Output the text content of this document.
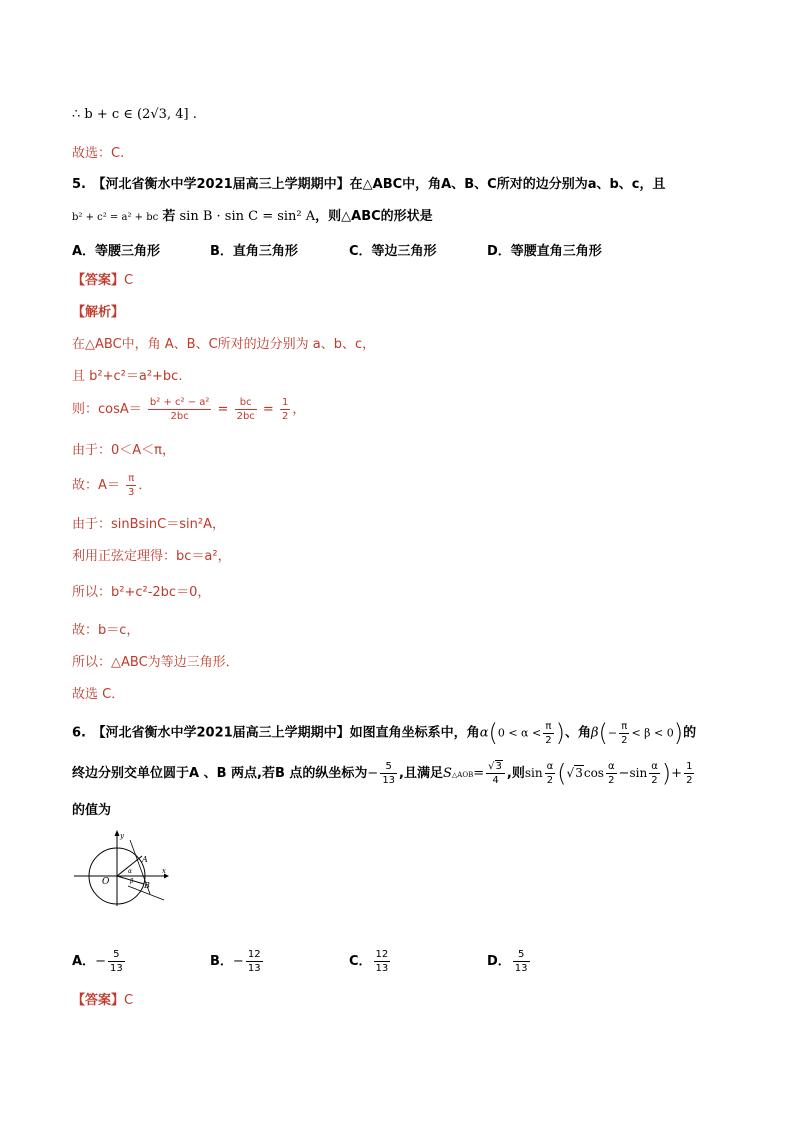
∴ b + c ∈ (2√3, 4] .
故选：C.
5.　【河北省衡水中学2021届高三上学期期中】在△ABC中，角A、B、C所对的边分别为a、b、c，且
b² + c² = a² + bc 若 sin B · sin C = sin² A，则△ABC的形状是
A．等腰三角形	B．直角三角形	C．等边三角形	D．等腰直角三角形
【答案】C
【解析】
在△ABC中，角 A、B、C所对的边分别为 a、b、c，
且 b²+c²＝a²+bc.
则：$\cos A= \frac{\text{b² + c² − a²}}{2bc} = \frac{bc}{2bc} = \frac{1}{2}$ ，
由于：0＜A＜π，
故：$A= \frac{\pi}{3}$ ．
由于：sinBsinC＝sin²A，
利用正弦定理得：bc＝a²，
所以：b²+c²-2bc＝0，
故：b＝c，
所以：△ABC为等边三角形．
故选 C．
6.　【河北省衡水中学2021届高三上学期期中】如图直角坐标系中，角$\alpha(0 < \alpha < \frac{\pi}{2}$ )、角$\beta(- \frac{\pi}{2} < \beta < 0)$的
终边分别交单位圆于A 、B 两点,若B 点的纵坐标为− $\frac{5}{13}$ ,且满足S△AOB= $\frac{√3}{4}$ ,则$\sin \frac{\alpha}{2} (√3\cos \frac{\alpha}{2} -\sin \frac{\alpha}{2}$ )+ $\frac{1}{2}$
的值为
y
x
O
A
B
α
β
A．− $\frac{5}{13}$	B．− $\frac{12}{13}$	C． $\frac{12}{13}$	D． $\frac{5}{13}$
【答案】C
